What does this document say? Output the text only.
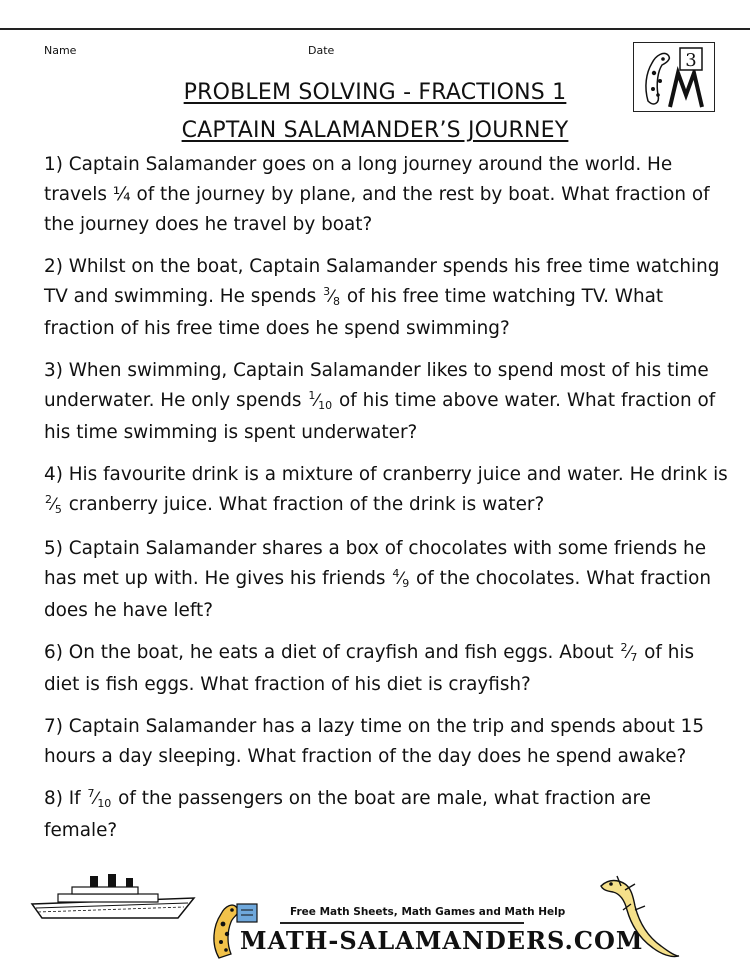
Name	Date
PROBLEM SOLVING - FRACTIONS 1
CAPTAIN SALAMANDER’S JOURNEY
3
1) Captain Salamander goes on a long journey around the world. He
travels ¼ of the journey by plane, and the rest by boat. What fraction of
the journey does he travel by boat?
2) Whilst on the boat, Captain Salamander spends his free time watching
TV and swimming. He spends $^3$⁄8 of his free time watching TV. What
fraction of his free time does he spend swimming?
3) When swimming, Captain Salamander likes to spend most of his time
underwater. He only spends $^1$⁄10 of his time above water. What fraction of
his time swimming is spent underwater?
4) His favourite drink is a mixture of cranberry juice and water. He drink is
$^2$⁄5 cranberry juice. What fraction of the drink is water?
5) Captain Salamander shares a box of chocolates with some friends he
has met up with. He gives his friends $^4$⁄9 of the chocolates. What fraction
does he have left?
6) On the boat, he eats a diet of crayfish and fish eggs. About $^2$⁄7 of his
diet is fish eggs. What fraction of his diet is crayfish?
7) Captain Salamander has a lazy time on the trip and spends about 15
hours a day sleeping. What fraction of the day does he spend awake?
8) If $^7$⁄10 of the passengers on the boat are male, what fraction are
female?
Free Math Sheets, Math Games and Math Help
MATH-SALAMANDERS.COM
